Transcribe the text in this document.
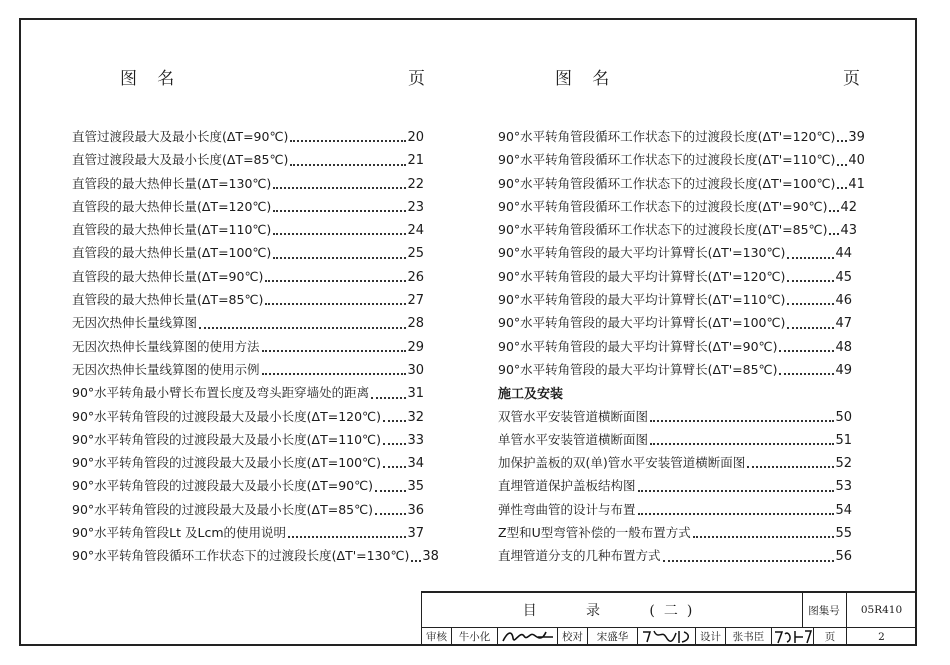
图   名	页	图   名	页
直管过渡段最大及最小长度(ΔT=90℃)	20
直管过渡段最大及最小长度(ΔT=85℃)	21
直管段的最大热伸长量(ΔT=130℃)	22
直管段的最大热伸长量(ΔT=120℃)	23
直管段的最大热伸长量(ΔT=110℃)	24
直管段的最大热伸长量(ΔT=100℃)	25
直管段的最大热伸长量(ΔT=90℃)	26
直管段的最大热伸长量(ΔT=85℃)	27
无因次热伸长量线算图	28
无因次热伸长量线算图的使用方法	29
无因次热伸长量线算图的使用示例	30
90°水平转角最小臂长布置长度及弯头距穿墙处的距离	31
90°水平转角管段的过渡段最大及最小长度(ΔT=120℃) 32
90°水平转角管段的过渡段最大及最小长度(ΔT=110℃) 33
90°水平转角管段的过渡段最大及最小长度(ΔT=100℃) 34
90°水平转角管段的过渡段最大及最小长度(ΔT=90℃)	35
90°水平转角管段的过渡段最大及最小长度(ΔT=85℃)	36
90°水平转角管段Lt 及Lcm的使用说明	37
90°水平转角管段循环工作状态下的过渡段长度(ΔT'=130℃) 38
90°水平转角管段循环工作状态下的过渡段长度(ΔT'=120℃) 39
90°水平转角管段循环工作状态下的过渡段长度(ΔT'=110℃) 40
90°水平转角管段循环工作状态下的过渡段长度(ΔT'=100℃) 41
90°水平转角管段循环工作状态下的过渡段长度(ΔT'=90℃) 42
90°水平转角管段循环工作状态下的过渡段长度(ΔT'=85℃) 43
90°水平转角管段的最大平均计算臂长(ΔT'=130℃)	44
90°水平转角管段的最大平均计算臂长(ΔT'=120℃)	45
90°水平转角管段的最大平均计算臂长(ΔT'=110℃)	46
90°水平转角管段的最大平均计算臂长(ΔT'=100℃)	47
90°水平转角管段的最大平均计算臂长(ΔT'=90℃)	48
90°水平转角管段的最大平均计算臂长(ΔT'=85℃)	49
施工及安装
双管水平安装管道横断面图	50
单管水平安装管道横断面图	51
加保护盖板的双(单)管水平安装管道横断面图	52
直埋管道保护盖板结构图	53
弹性弯曲管的设计与布置	54
Z型和U型弯管补偿的一般布置方式	55
直埋管道分支的几种布置方式	56
目   录   (二)	图集号	05R410
审核	牛小化	校对	宋盛华	设计	张书臣	页	2
